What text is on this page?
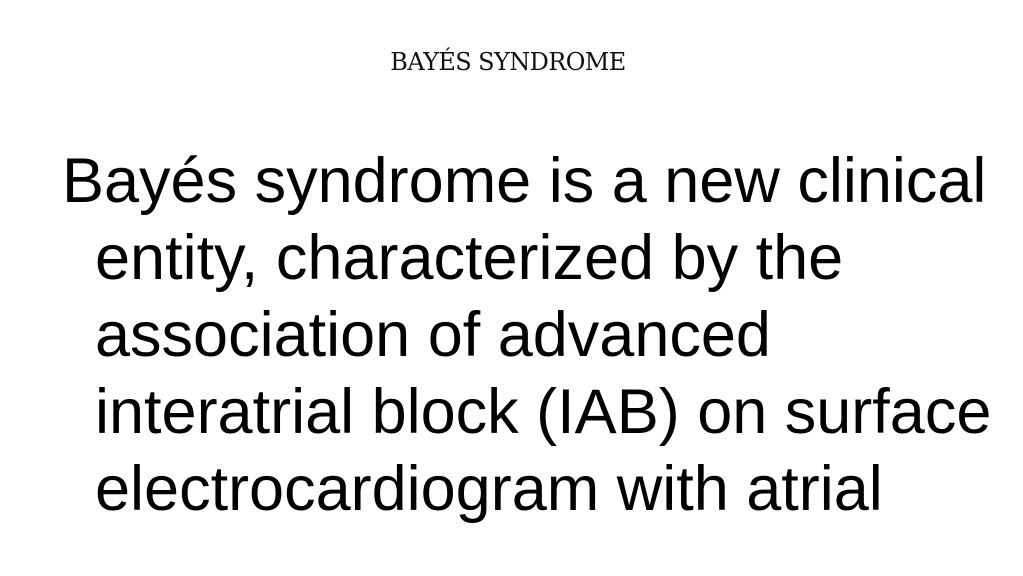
BAYÉS SYNDROME

Bayés syndrome is a new clinical entity, characterized by the association of advanced interatrial block (IAB) on surface electrocardiogram with atrial
